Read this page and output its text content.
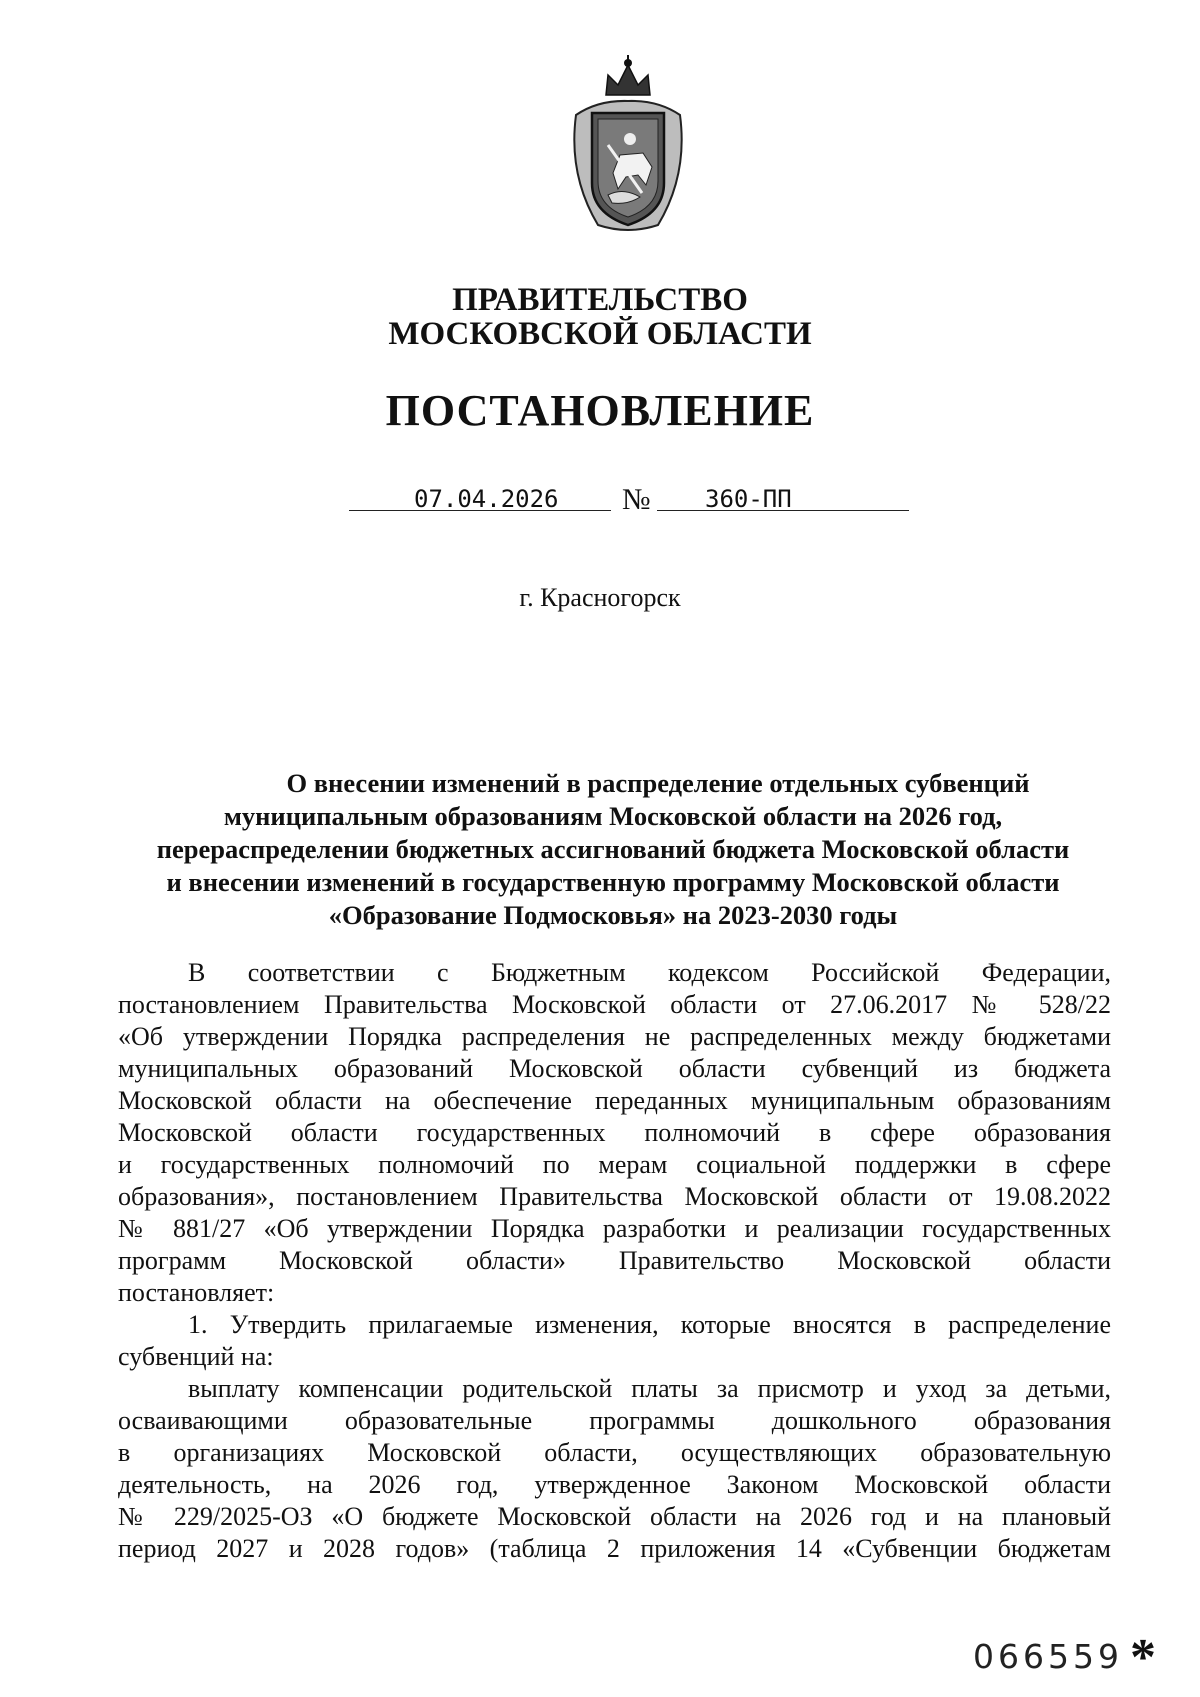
ПРАВИТЕЛЬСТВО
МОСКОВСКОЙ ОБЛАСТИ
ПОСТАНОВЛЕНИЕ
07.04.2026 № 360-ПП
г. Красногорск
О внесении изменений в распределение отдельных субвенций
муниципальным образованиям Московской области на 2026 год,
перераспределении бюджетных ассигнований бюджета Московской области
и внесении изменений в государственную программу Московской области
«Образование Подмосковья» на 2023-2030 годы
В соответствии с Бюджетным кодексом Российской Федерации,
постановлением Правительства Московской области от 27.06.2017 № 528/22
«Об утверждении Порядка распределения не распределенных между бюджетами
муниципальных образований Московской области субвенций из бюджета
Московской области на обеспечение переданных муниципальным образованиям
Московской области государственных полномочий в сфере образования
и государственных полномочий по мерам социальной поддержки в сфере
образования», постановлением Правительства Московской области от 19.08.2022
№ 881/27 «Об утверждении Порядка разработки и реализации государственных
программ Московской области» Правительство Московской области
постановляет:
1. Утвердить прилагаемые изменения, которые вносятся в распределение
субвенций на:
выплату компенсации родительской платы за присмотр и уход за детьми,
осваивающими образовательные программы дошкольного образования
в организациях Московской области, осуществляющих образовательную
деятельность, на 2026 год, утвержденное Законом Московской области
№ 229/2025-ОЗ «О бюджете Московской области на 2026 год и на плановый
период 2027 и 2028 годов» (таблица 2 приложения 14 «Субвенции бюджетам
066559 *
